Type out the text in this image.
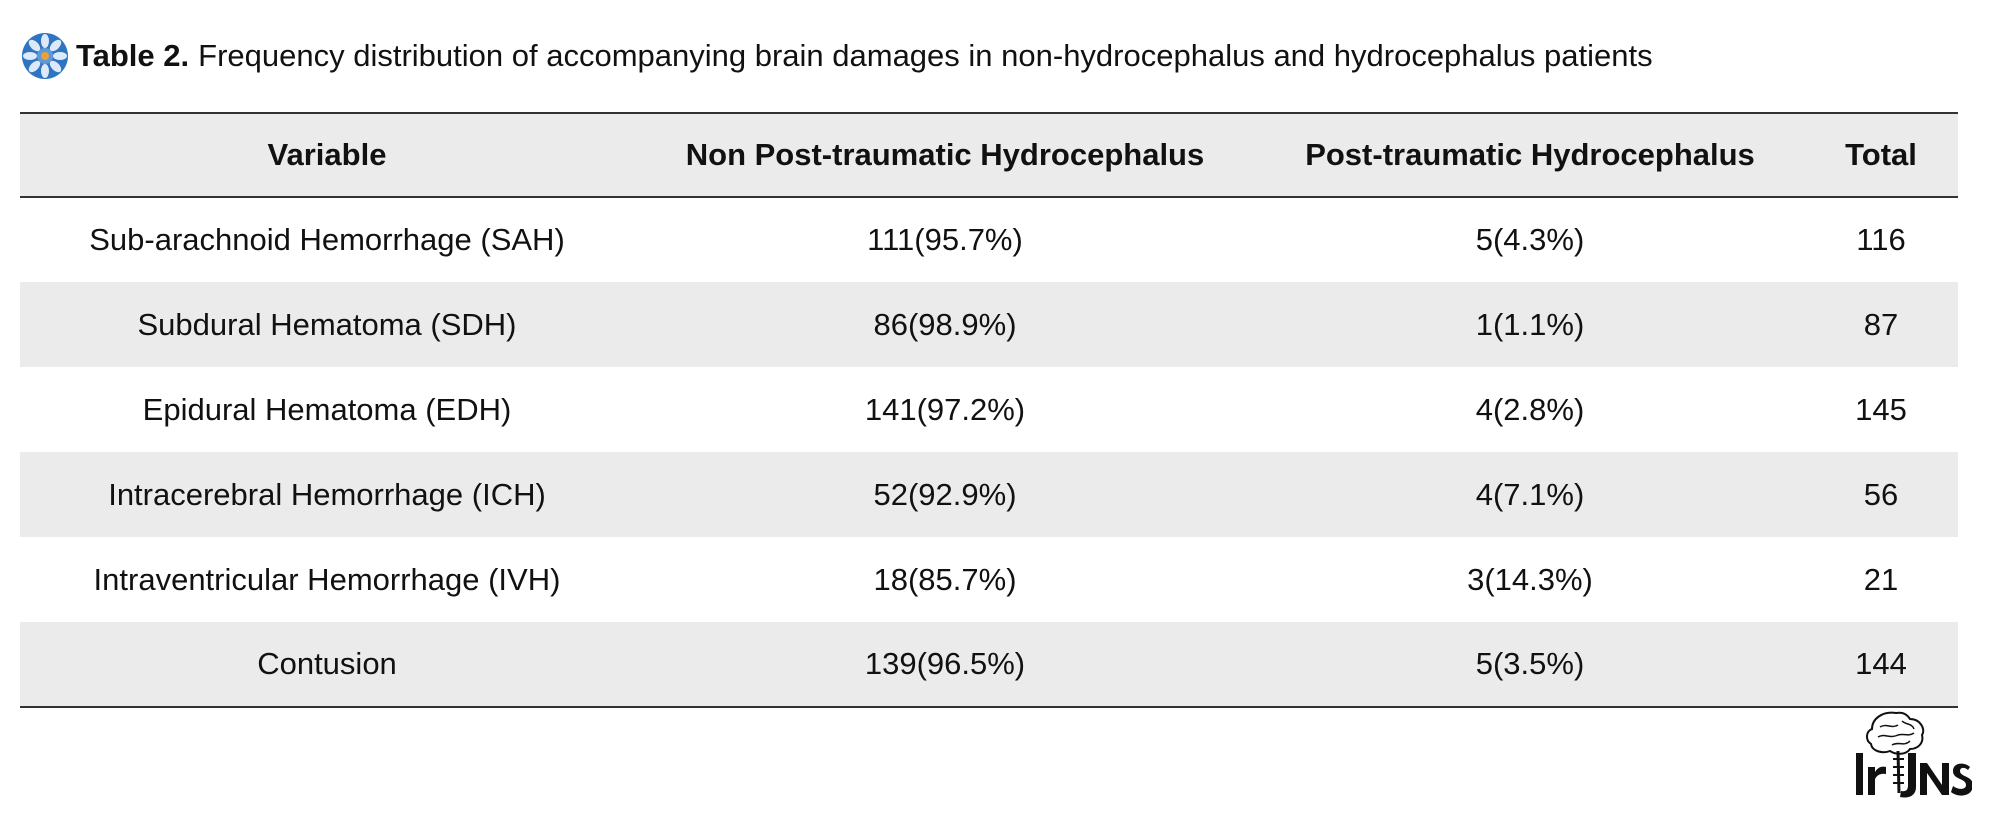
Table 2. Frequency distribution of accompanying brain damages in non-hydrocephalus and hydrocephalus patients
Variable	Non Post-traumatic Hydrocephalus	Post-traumatic Hydrocephalus	Total
Sub-arachnoid Hemorrhage (SAH)	111(95.7%)	5(4.3%)	116
Subdural Hematoma (SDH)	86(98.9%)	1(1.1%)	87
Epidural Hematoma (EDH)	141(97.2%)	4(2.8%)	145
Intracerebral Hemorrhage (ICH)	52(92.9%)	4(7.1%)	56
Intraventricular Hemorrhage (IVH)	18(85.7%)	3(14.3%)	21
Contusion	139(96.5%)	5(3.5%)	144
